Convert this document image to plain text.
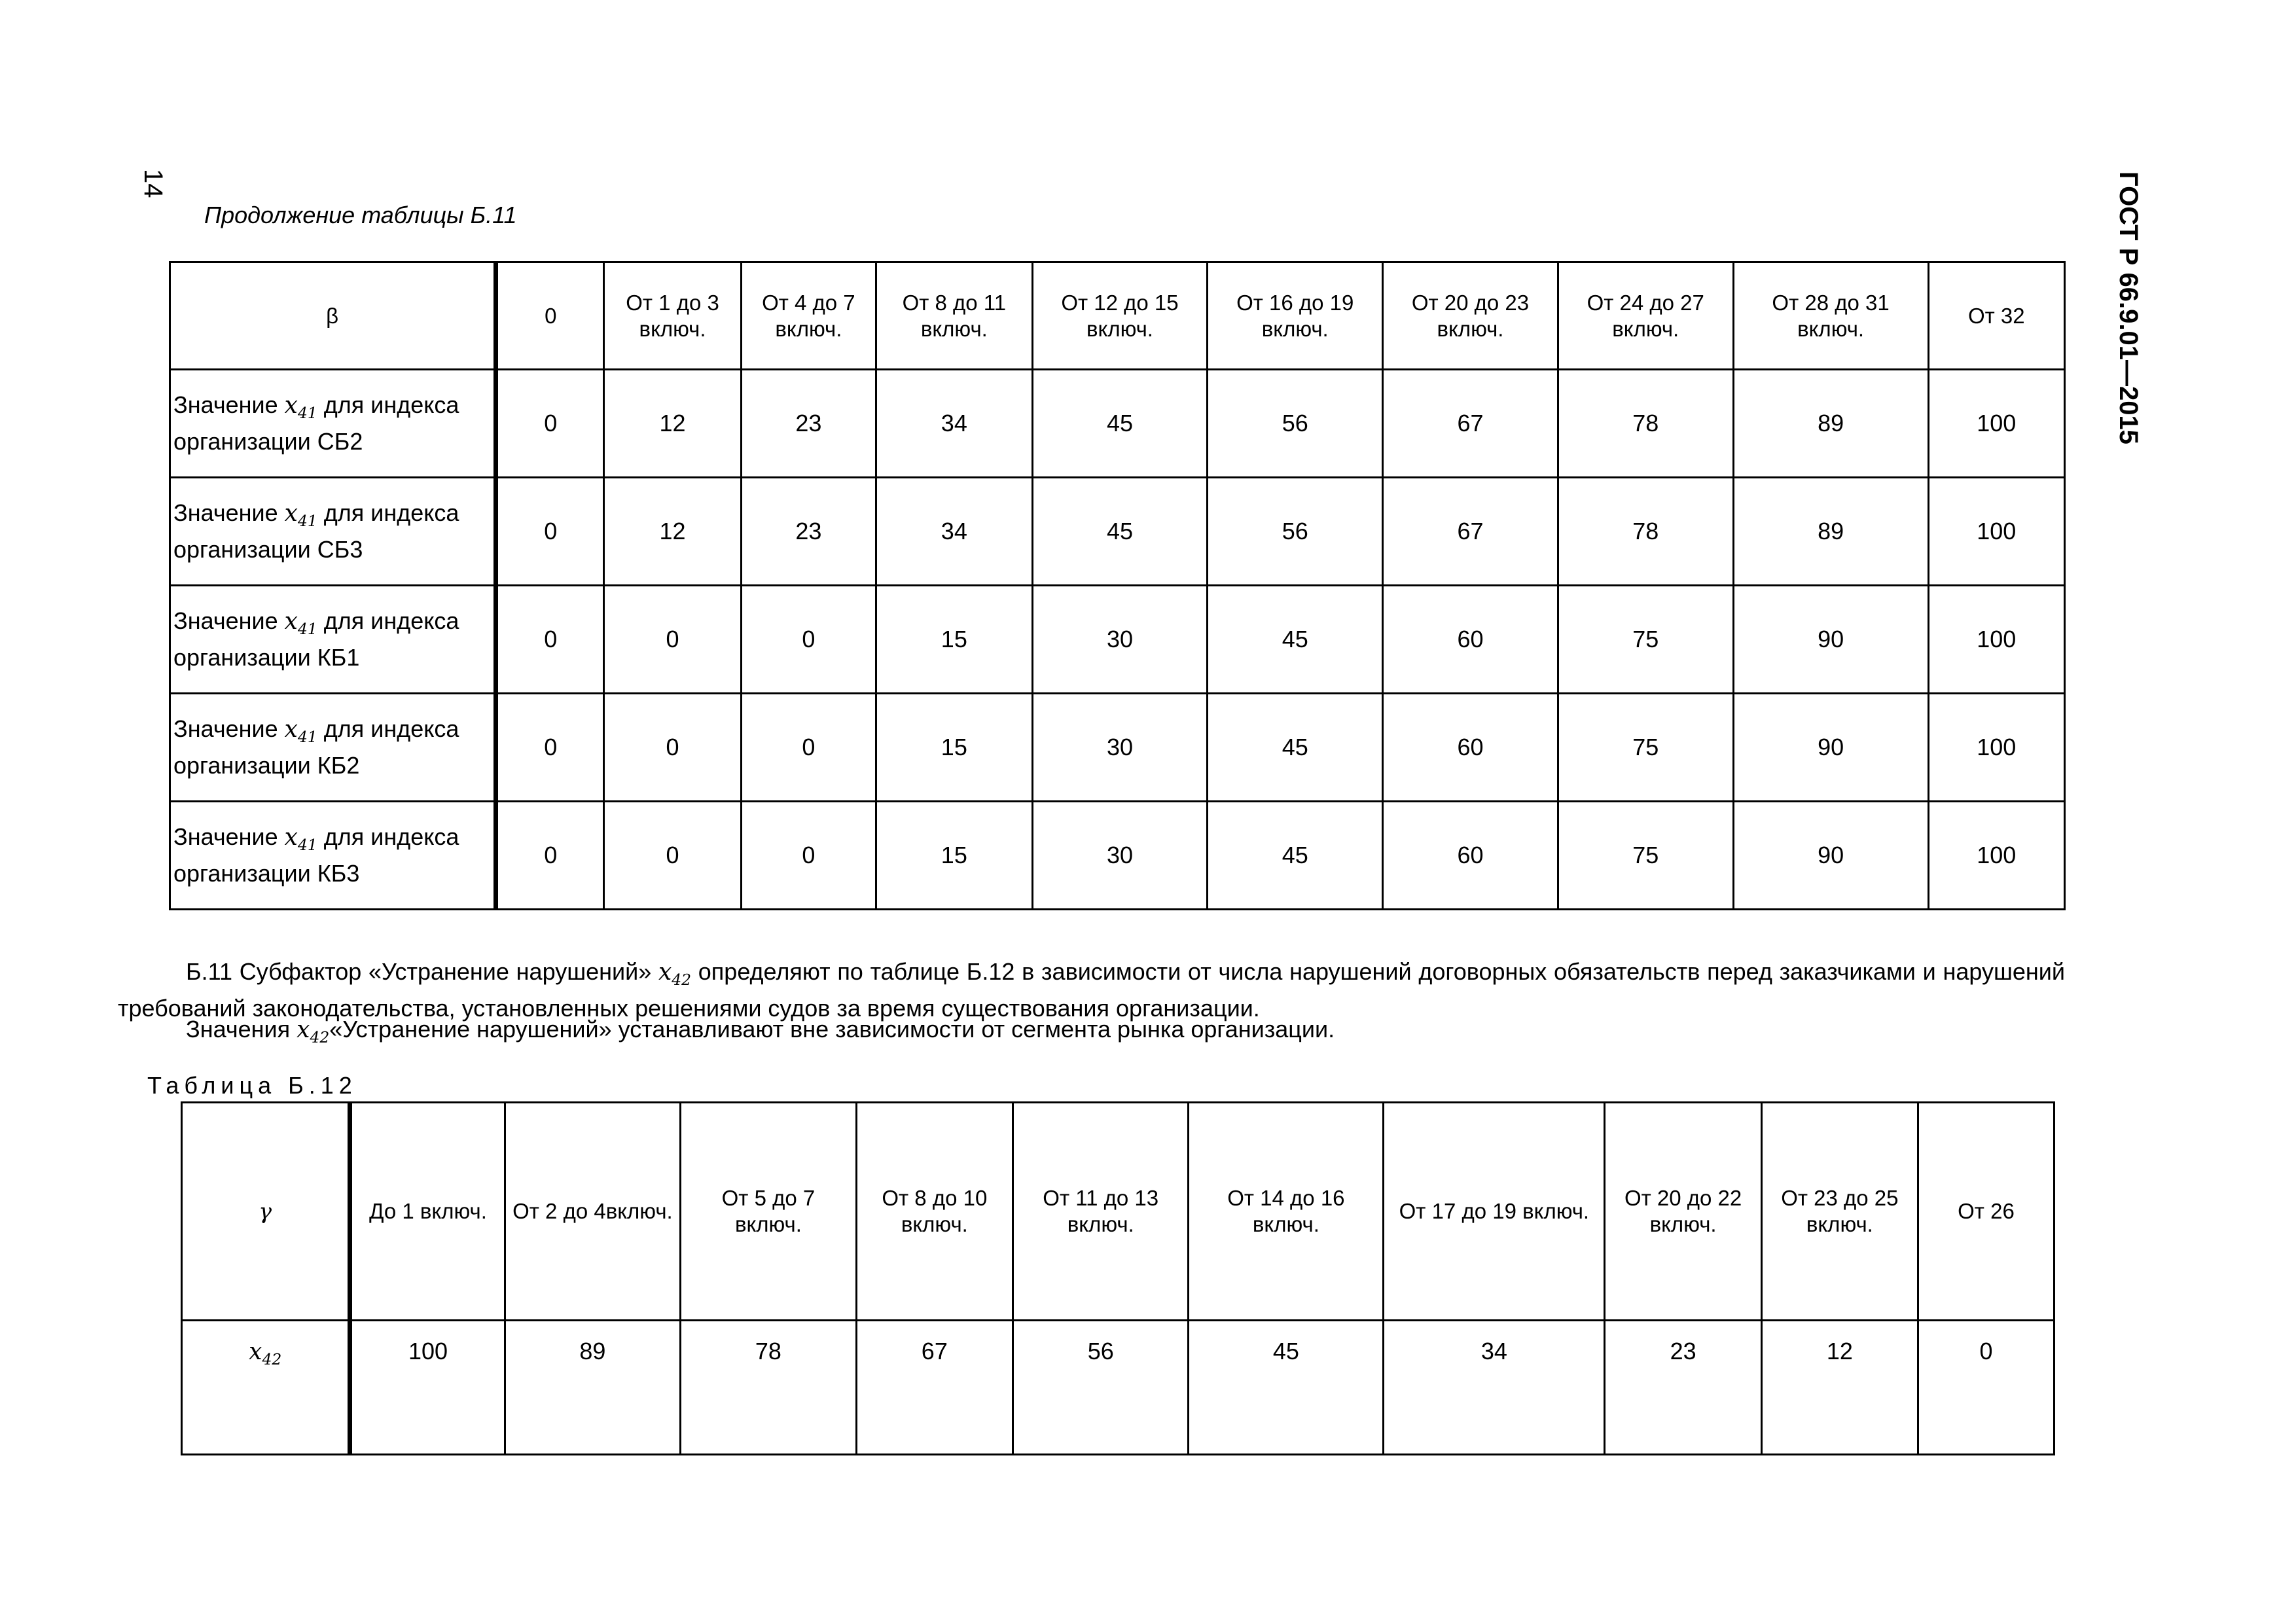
14	ГОСТ Р 66.9.01—2015
Продолжение таблицы Б.11
β	0	От 1 до 3 включ.	От 4 до 7 включ.	От 8 до 11 включ.	От 12 до 15 включ.	От 16 до 19 включ.	От 20 до 23 включ.	От 24 до 27 включ.	От 28 до 31 включ.	От 32
Значение $x_{41}$ для индекса организации СБ2	0	12	23	34	45	56	67	78	89	100
Значение $x_{41}$ для индекса организации СБ3	0	12	23	34	45	56	67	78	89	100
Значение $x_{41}$ для индекса организации КБ1	0	0	0	15	30	45	60	75	90	100
Значение $x_{41}$ для индекса организации КБ2	0	0	0	15	30	45	60	75	90	100
Значение $x_{41}$ для индекса организации КБ3	0	0	0	15	30	45	60	75	90	100

Б.11 Субфактор «Устранение нарушений» $x_{42}$ определяют по таблице Б.12 в зависимости от числа нарушений договорных обязательств перед заказчиками и нарушений требований законодательства, установленных решениями судов за время существования организации.

Значения $x_{42}«Устранение$ нарушений» устанавливают вне зависимости от сегмента рынка организации.

Таблица Б.12
γ	До 1 включ.	От 2 до 4включ.	От 5 до 7 включ.	От 8 до 10 включ.	От 11 до 13 включ.	От 14 до 16 включ.	От 17 до 19 включ.	От 20 до 22 включ.	От 23 до 25 включ.	От 26
$x_{42}$	100	89	78	67	56	45	34	23	12	0
